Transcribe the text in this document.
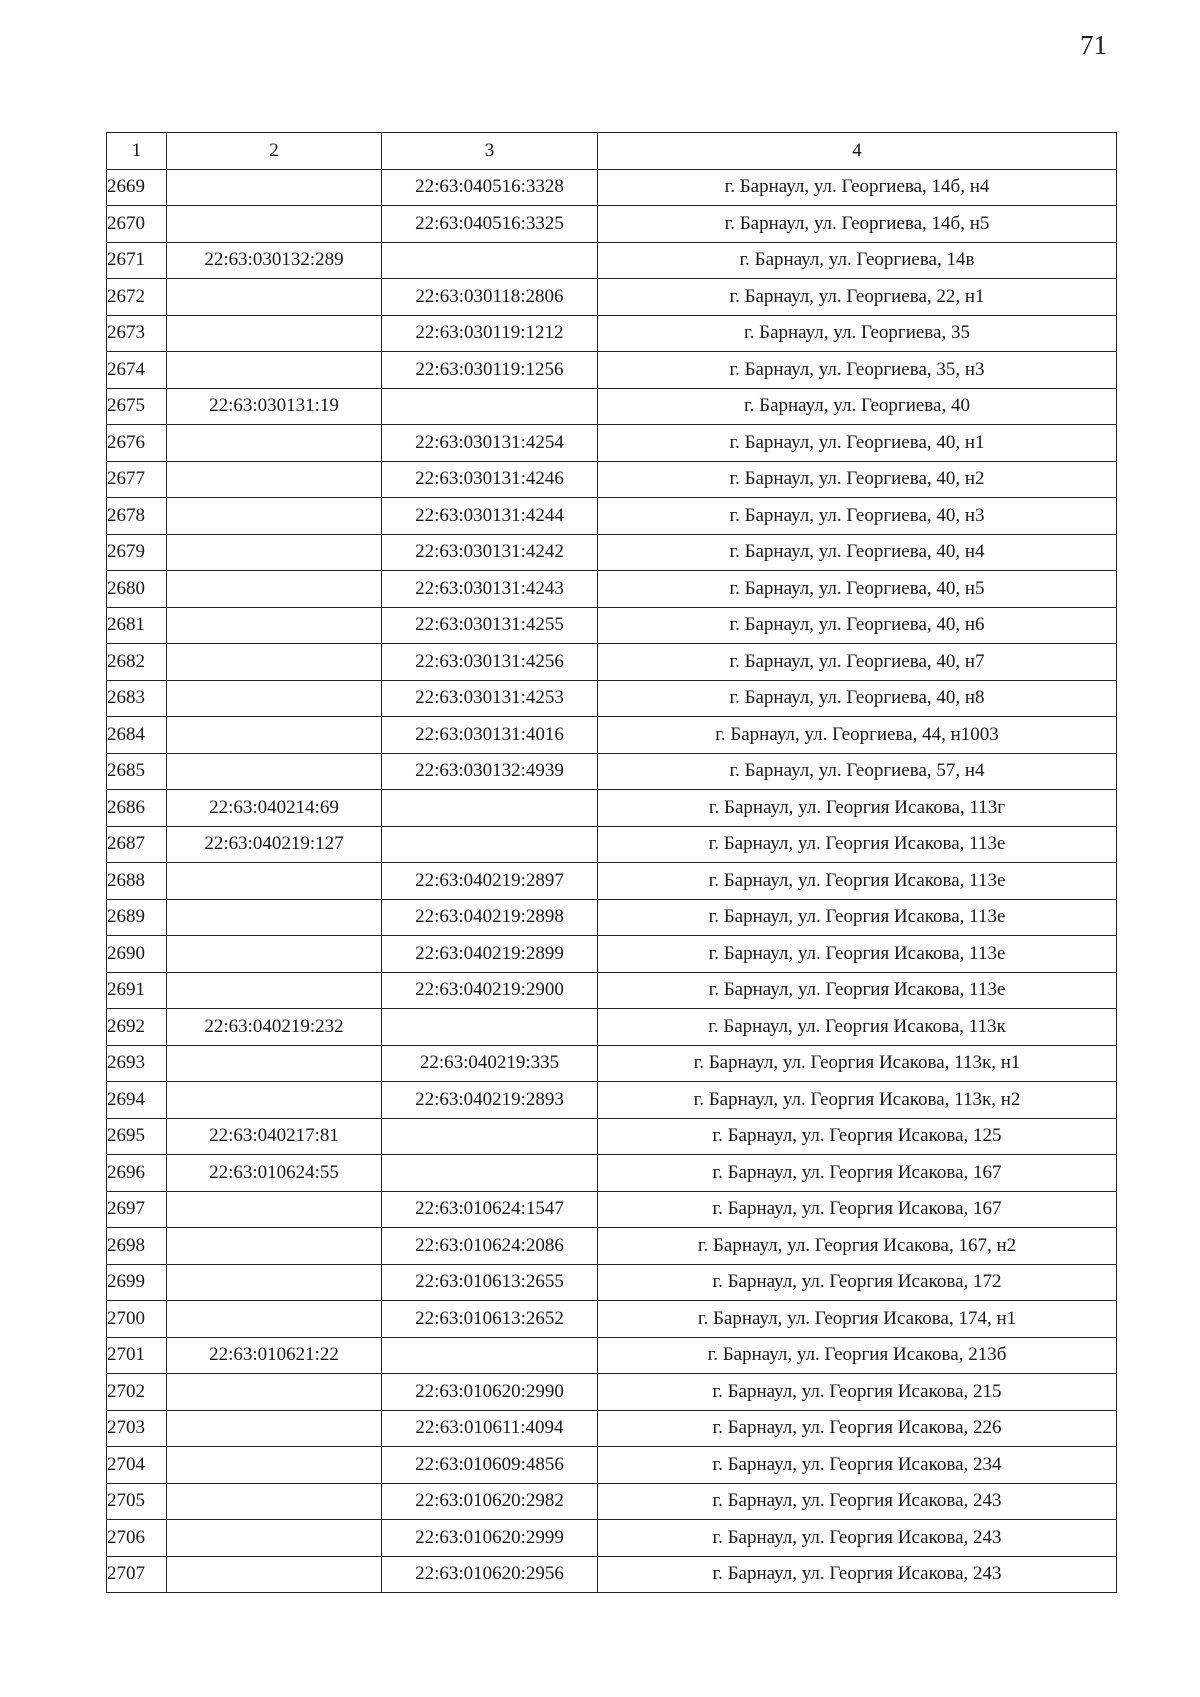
71
1	2	3	4
2669		22:63:040516:3328	г. Барнаул, ул. Георгиева, 14б, н4
2670		22:63:040516:3325	г. Барнаул, ул. Георгиева, 14б, н5
2671	22:63:030132:289		г. Барнаул, ул. Георгиева, 14в
2672		22:63:030118:2806	г. Барнаул, ул. Георгиева, 22, н1
2673		22:63:030119:1212	г. Барнаул, ул. Георгиева, 35
2674		22:63:030119:1256	г. Барнаул, ул. Георгиева, 35, н3
2675	22:63:030131:19		г. Барнаул, ул. Георгиева, 40
2676		22:63:030131:4254	г. Барнаул, ул. Георгиева, 40, н1
2677		22:63:030131:4246	г. Барнаул, ул. Георгиева, 40, н2
2678		22:63:030131:4244	г. Барнаул, ул. Георгиева, 40, н3
2679		22:63:030131:4242	г. Барнаул, ул. Георгиева, 40, н4
2680		22:63:030131:4243	г. Барнаул, ул. Георгиева, 40, н5
2681		22:63:030131:4255	г. Барнаул, ул. Георгиева, 40, н6
2682		22:63:030131:4256	г. Барнаул, ул. Георгиева, 40, н7
2683		22:63:030131:4253	г. Барнаул, ул. Георгиева, 40, н8
2684		22:63:030131:4016	г. Барнаул, ул. Георгиева, 44, н1003
2685		22:63:030132:4939	г. Барнаул, ул. Георгиева, 57, н4
2686	22:63:040214:69		г. Барнаул, ул. Георгия Исакова, 113г
2687	22:63:040219:127		г. Барнаул, ул. Георгия Исакова, 113е
2688		22:63:040219:2897	г. Барнаул, ул. Георгия Исакова, 113е
2689		22:63:040219:2898	г. Барнаул, ул. Георгия Исакова, 113е
2690		22:63:040219:2899	г. Барнаул, ул. Георгия Исакова, 113е
2691		22:63:040219:2900	г. Барнаул, ул. Георгия Исакова, 113е
2692	22:63:040219:232		г. Барнаул, ул. Георгия Исакова, 113к
2693		22:63:040219:335	г. Барнаул, ул. Георгия Исакова, 113к, н1
2694		22:63:040219:2893	г. Барнаул, ул. Георгия Исакова, 113к, н2
2695	22:63:040217:81		г. Барнаул, ул. Георгия Исакова, 125
2696	22:63:010624:55		г. Барнаул, ул. Георгия Исакова, 167
2697		22:63:010624:1547	г. Барнаул, ул. Георгия Исакова, 167
2698		22:63:010624:2086	г. Барнаул, ул. Георгия Исакова, 167, н2
2699		22:63:010613:2655	г. Барнаул, ул. Георгия Исакова, 172
2700		22:63:010613:2652	г. Барнаул, ул. Георгия Исакова, 174, н1
2701	22:63:010621:22		г. Барнаул, ул. Георгия Исакова, 213б
2702		22:63:010620:2990	г. Барнаул, ул. Георгия Исакова, 215
2703		22:63:010611:4094	г. Барнаул, ул. Георгия Исакова, 226
2704		22:63:010609:4856	г. Барнаул, ул. Георгия Исакова, 234
2705		22:63:010620:2982	г. Барнаул, ул. Георгия Исакова, 243
2706		22:63:010620:2999	г. Барнаул, ул. Георгия Исакова, 243
2707		22:63:010620:2956	г. Барнаул, ул. Георгия Исакова, 243
